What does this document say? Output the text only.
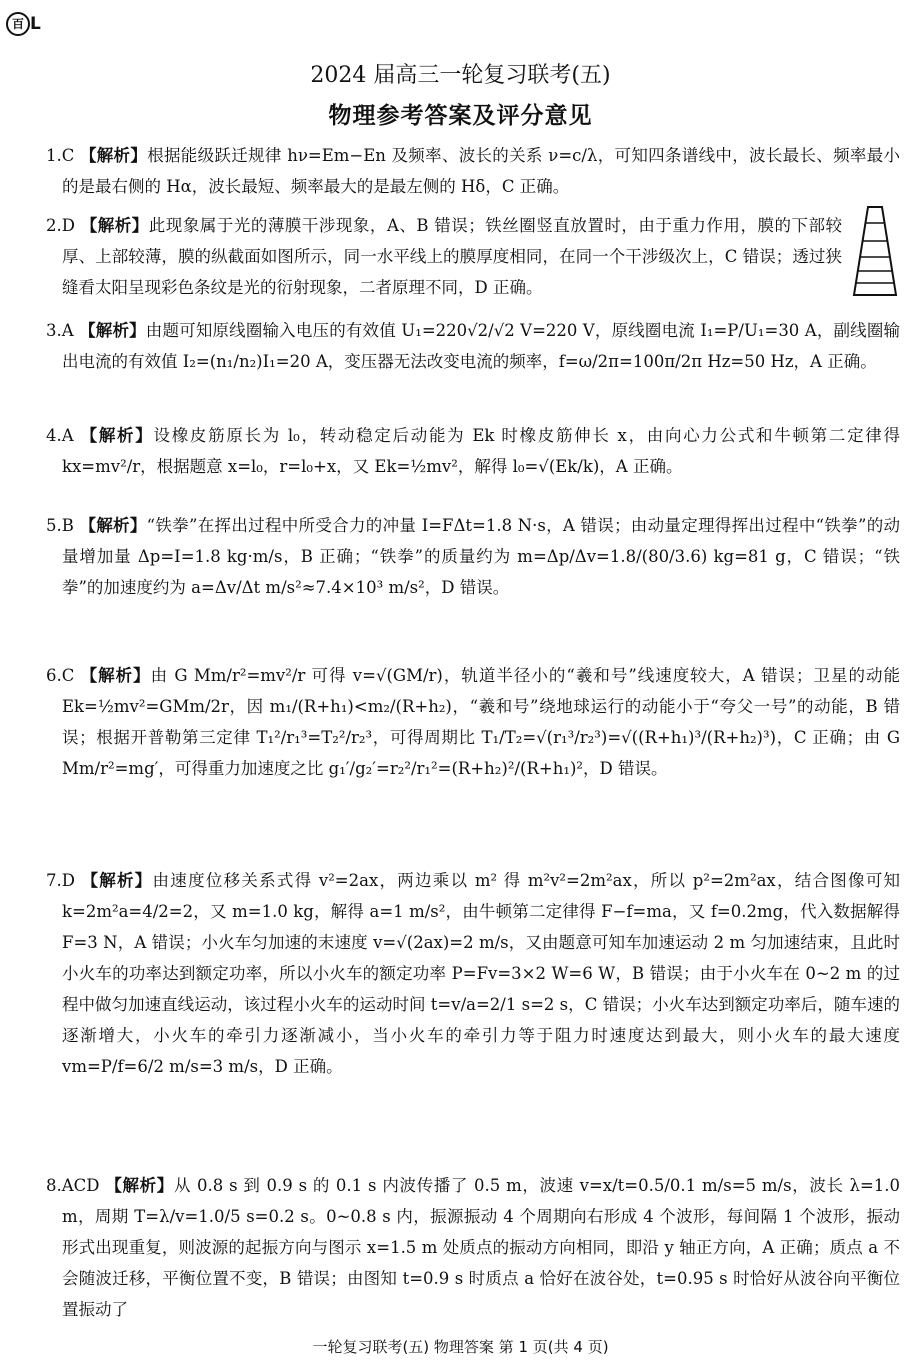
百 L
2024 届高三一轮复习联考(五)
物理参考答案及评分意见
1.C 【解析】根据能级跃迁规律 hν=Em−En 及频率、波长的关系 ν=c/λ，可知四条谱线中，波长最长、频率最小的是最右侧的 Hα，波长最短、频率最大的是最左侧的 Hδ，C 正确。
2.D 【解析】此现象属于光的薄膜干涉现象，A、B 错误；铁丝圈竖直放置时，由于重力作用，膜的下部较厚、上部较薄，膜的纵截面如图所示，同一水平线上的膜厚度相同，在同一个干涉级次上，C 错误；透过狭缝看太阳呈现彩色条纹是光的衍射现象，二者原理不同，D 正确。
3.A 【解析】由题可知原线圈输入电压的有效值 U₁=220√2/√2 V=220 V，原线圈电流 I₁=P/U₁=30 A，副线圈输出电流的有效值 I₂=(n₁/n₂)I₁=20 A，变压器无法改变电流的频率，f=ω/2π=100π/2π Hz=50 Hz，A 正确。
4.A 【解析】设橡皮筋原长为 l₀，转动稳定后动能为 Ek 时橡皮筋伸长 x，由向心力公式和牛顿第二定律得 kx=mv²/r，根据题意 x=l₀，r=l₀+x，又 Ek=½mv²，解得 l₀=√(Ek/k)，A 正确。
5.B 【解析】“铁拳”在挥出过程中所受合力的冲量 I=FΔt=1.8 N·s，A 错误；由动量定理得挥出过程中“铁拳”的动量增加量 Δp=I=1.8 kg·m/s，B 正确；“铁拳”的质量约为 m=Δp/Δv=1.8/(80/3.6) kg=81 g，C 错误；“铁拳”的加速度约为 a=Δv/Δt m/s²≈7.4×10³ m/s²，D 错误。
6.C 【解析】由 G Mm/r²=mv²/r 可得 v=√(GM/r)，轨道半径小的“羲和号”线速度较大，A 错误；卫星的动能 Ek=½mv²=GMm/2r，因 m₁/(R+h₁)<m₂/(R+h₂)，“羲和号”绕地球运行的动能小于“夸父一号”的动能，B 错误；根据开普勒第三定律 T₁²/r₁³=T₂²/r₂³，可得周期比 T₁/T₂=√(r₁³/r₂³)=√((R+h₁)³/(R+h₂)³)，C 正确；由 G Mm/r²=mg′，可得重力加速度之比 g₁′/g₂′=r₂²/r₁²=(R+h₂)²/(R+h₁)²，D 错误。
7.D 【解析】由速度位移关系式得 v²=2ax，两边乘以 m² 得 m²v²=2m²ax，所以 p²=2m²ax，结合图像可知 k=2m²a=4/2=2，又 m=1.0 kg，解得 a=1 m/s²，由牛顿第二定律得 F−f=ma，又 f=0.2mg，代入数据解得 F=3 N，A 错误；小火车匀加速的末速度 v=√(2ax)=2 m/s，又由题意可知车加速运动 2 m 匀加速结束，且此时小火车的功率达到额定功率，所以小火车的额定功率 P=Fv=3×2 W=6 W，B 错误；由于小火车在 0~2 m 的过程中做匀加速直线运动，该过程小火车的运动时间 t=v/a=2/1 s=2 s，C 错误；小火车达到额定功率后，随车速的逐渐增大，小火车的牵引力逐渐减小，当小火车的牵引力等于阻力时速度达到最大，则小火车的最大速度 vm=P/f=6/2 m/s=3 m/s，D 正确。
8.ACD 【解析】从 0.8 s 到 0.9 s 的 0.1 s 内波传播了 0.5 m，波速 v=x/t=0.5/0.1 m/s=5 m/s，波长 λ=1.0 m，周期 T=λ/v=1.0/5 s=0.2 s。0~0.8 s 内，振源振动 4 个周期向右形成 4 个波形，每间隔 1 个波形，振动形式出现重复，则波源的起振方向与图示 x=1.5 m 处质点的振动方向相同，即沿 y 轴正方向，A 正确；质点 a 不会随波迁移，平衡位置不变，B 错误；由图知 t=0.9 s 时质点 a 恰好在波谷处，t=0.95 s 时恰好从波谷向平衡位置振动了
一轮复习联考(五) 物理答案 第 1 页(共 4 页)
